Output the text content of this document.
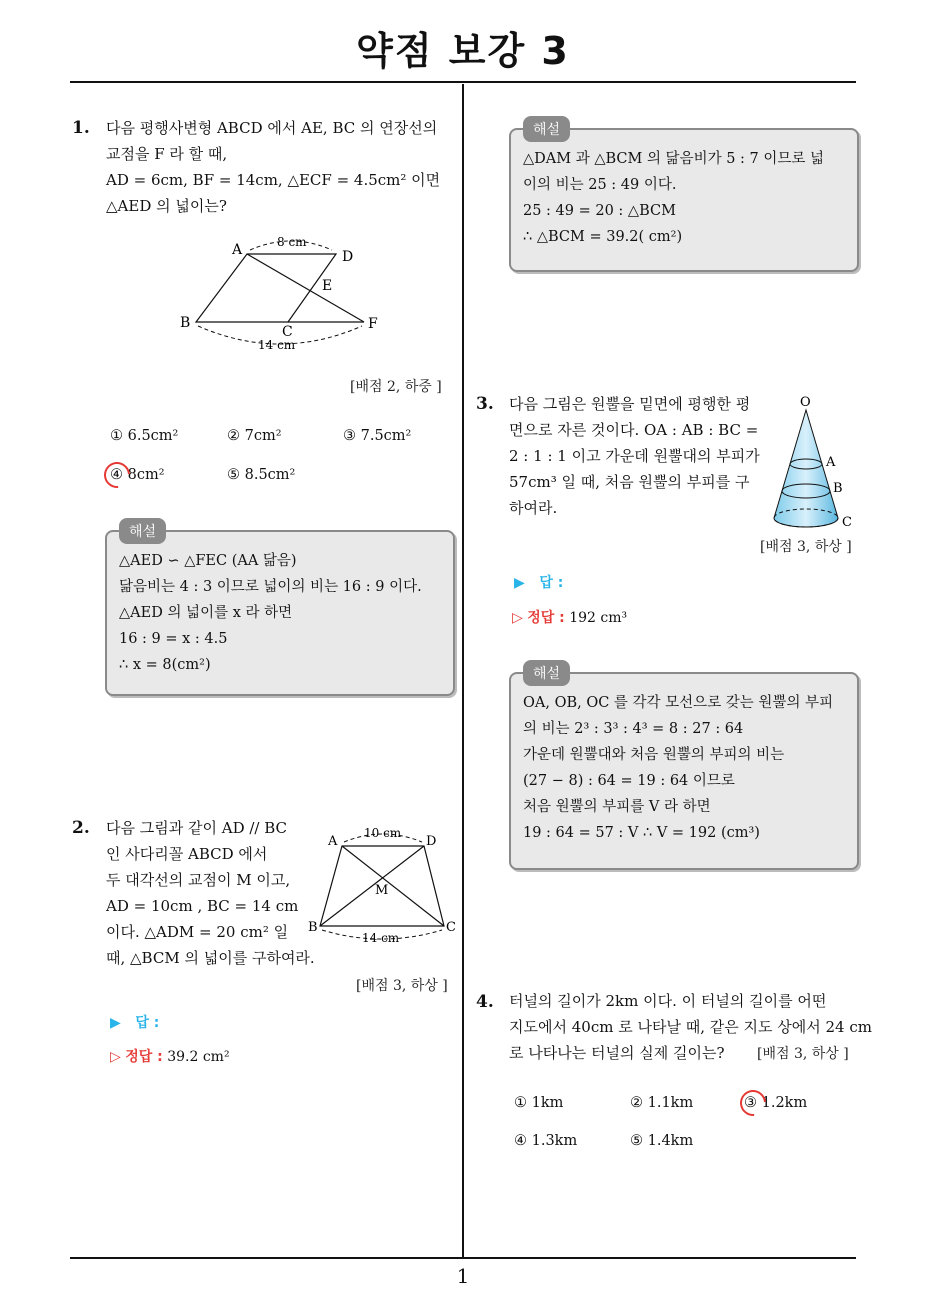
약점 보강 3
1
1. 다음 평행사변형 ABCD 에서 AE, BC 의 연장선의
교점을 F 라 할 때,
AD = 6cm, BF = 14cm, △ECF = 4.5cm² 이면
△AED 의 넓이는?
A	D
E
B
C	F
8 cm
14 cm
[배점 2, 하중 ]
① 6.5cm²	② 7cm²	③ 7.5cm²
④ 8cm²	⑤ 8.5cm²
해설
△AED ∽ △FEC (AA 닮음)
닮음비는 4 : 3 이므로 넓이의 비는 16 : 9 이다.
△AED 의 넓이를 x 라 하면
16 : 9 = x : 4.5
∴ x = 8(cm²)
2. 다음 그림과 같이 AD // BC
인 사다리꼴 ABCD 에서
두 대각선의 교점이 M 이고,
AD = 10cm , BC = 14 cm
이다. △ADM = 20 cm² 일
때, △BCM 의 넓이를 구하여라.
A	D
M
B	C
10 cm
14 cm
[배점 3, 하상 ]
▶ 답 :
▷ 정답 : 39.2 cm²
해설
△DAM 과 △BCM 의 닮음비가 5 : 7 이므로 넓
이의 비는 25 : 49 이다.
25 : 49 = 20 : △BCM
∴ △BCM = 39.2( cm²)
3. 다음 그림은 원뿔을 밑면에 평행한 평
면으로 자른 것이다. OA : AB : BC =
2 : 1 : 1 이고 가운데 원뿔대의 부피가
57cm³ 일 때, 처음 원뿔의 부피를 구
하여라.
O
A
B
C
[배점 3, 하상 ]
▶ 답 :
▷ 정답 : 192 cm³
해설
OA, OB, OC 를 각각 모선으로 갖는 원뿔의 부피
의 비는 2³ : 3³ : 4³ = 8 : 27 : 64
가운데 원뿔대와 처음 원뿔의 부피의 비는
(27 − 8) : 64 = 19 : 64 이므로
처음 원뿔의 부피를 V 라 하면
19 : 64 = 57 : V ∴ V = 192 (cm³)
4. 터널의 길이가 2km 이다. 이 터널의 길이를 어떤
지도에서 40cm 로 나타날 때, 같은 지도 상에서 24 cm
로 나타나는 터널의 실제 길이는?	[배점 3, 하상 ]
① 1km	② 1.1km	③ 1.2km
④ 1.3km	⑤ 1.4km
